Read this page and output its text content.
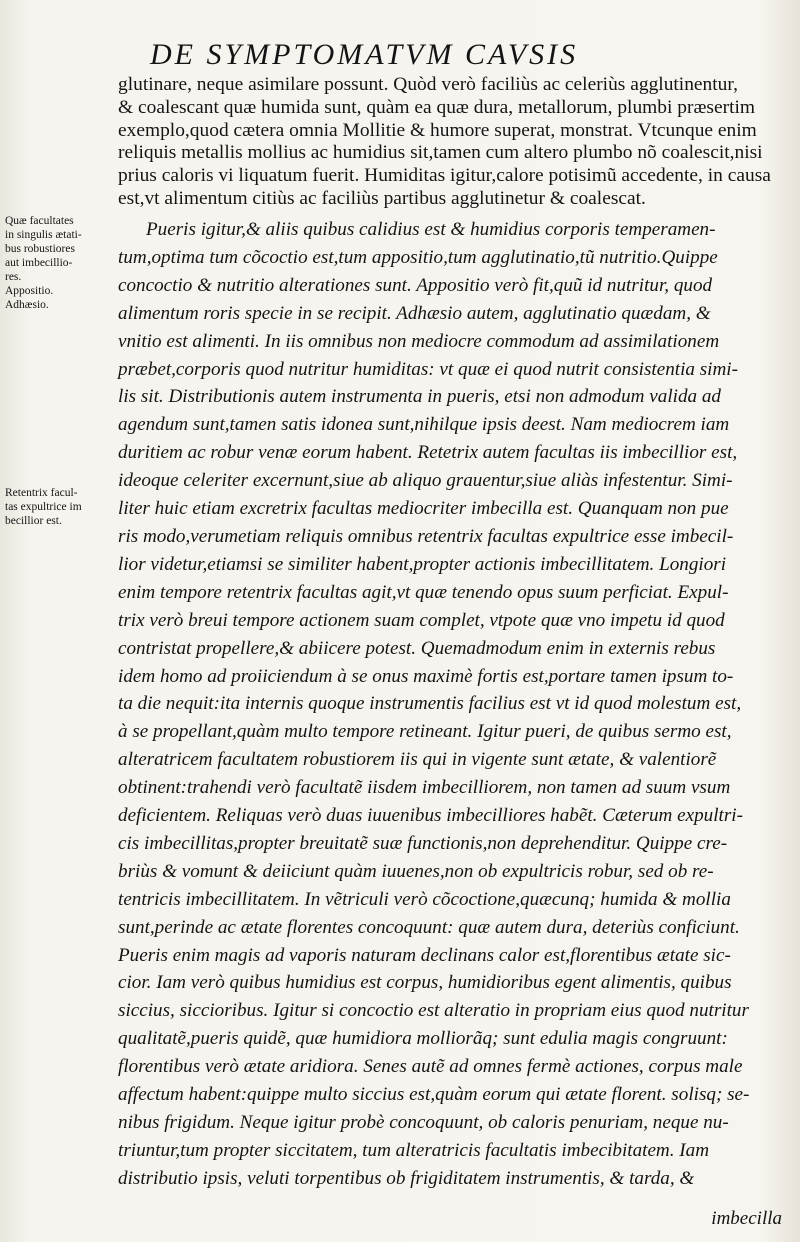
DE SYMPTOMATVM CAVSIS
glutinare, neque asimilare possunt. Quòd verò faciliùs ac celeriùs agglutinentur,
& coalescant quæ humida sunt, quàm ea quæ dura, metallorum, plumbi præsertim
exemplo,quod cætera omnia Mollitie & humore superat, monstrat. Vtcunque enim
reliquis metallis mollius ac humidius sit,tamen cum altero plumbo nõ coalescit,nisi
prius caloris vi liquatum fuerit. Humiditas igitur,calore potisimũ accedente, in causa
est,vt alimentum citiùs ac faciliùs partibus agglutinetur & coalescat.
Quæ facultates
in singulis ætati-
bus robustiores
aut imbecillio-
res.
Appositio.
Adhæsio.
Retentrix facul-
tas expultrice im
becillior est.
Pueris igitur,& aliis quibus calidius est & humidius corporis temperamen-
tum,optima tum cõcoctio est,tum appositio,tum agglutinatio,tũ nutritio.Quippe
concoctio & nutritio alterationes sunt. Appositio verò fit,quũ id nutritur, quod
alimentum roris specie in se recipit. Adhæsio autem, agglutinatio quædam, &
vnitio est alimenti. In iis omnibus non mediocre commodum ad assimilationem
præbet,corporis quod nutritur humiditas: vt quæ ei quod nutrit consistentia simi-
lis sit. Distributionis autem instrumenta in pueris, etsi non admodum valida ad
agendum sunt,tamen satis idonea sunt,nihilque ipsis deest. Nam mediocrem iam
duritiem ac robur venæ eorum habent. Retetrix autem facultas iis imbecillior est,
ideoque celeriter excernunt,siue ab aliquo grauentur,siue aliàs infestentur. Simi-
liter huic etiam excretrix facultas mediocriter imbecilla est. Quanquam non pue
ris modo,verumetiam reliquis omnibus retentrix facultas expultrice esse imbecil-
lior videtur,etiamsi se similiter habent,propter actionis imbecillitatem. Longiori
enim tempore retentrix facultas agit,vt quæ tenendo opus suum perficiat. Expul-
trix verò breui tempore actionem suam complet, vtpote quæ vno impetu id quod
contristat propellere,& abiicere potest. Quemadmodum enim in externis rebus
idem homo ad proiiciendum à se onus maximè fortis est,portare tamen ipsum to-
ta die nequit:ita internis quoque instrumentis facilius est vt id quod molestum est,
à se propellant,quàm multo tempore retineant. Igitur pueri, de quibus sermo est,
alteratricem facultatem robustiorem iis qui in vigente sunt ætate, & valentiorẽ
obtinent:trahendi verò facultatẽ iisdem imbecilliorem, non tamen ad suum vsum
deficientem. Reliquas verò duas iuuenibus imbecilliores habẽt. Cæterum expultri-
cis imbecillitas,propter breuitatẽ suæ functionis,non deprehenditur. Quippe cre-
briùs & vomunt & deiiciunt quàm iuuenes,non ob expultricis robur, sed ob re-
tentricis imbecillitatem. In vẽtriculi verò cõcoctione,quæcunq; humida & mollia
sunt,perinde ac ætate florentes concoquunt: quæ autem dura, deteriùs conficiunt.
Pueris enim magis ad vaporis naturam declinans calor est,florentibus ætate sic-
cior. Iam verò quibus humidius est corpus, humidioribus egent alimentis, quibus
siccius, siccioribus. Igitur si concoctio est alteratio in propriam eius quod nutritur
qualitatẽ,pueris quidẽ, quæ humidiora molliorãq; sunt edulia magis congruunt:
florentibus verò ætate aridiora. Senes autẽ ad omnes fermè actiones, corpus male
affectum habent:quippe multo siccius est,quàm eorum qui ætate florent. solisq; se-
nibus frigidum. Neque igitur probè concoquunt, ob caloris penuriam, neque nu-
triuntur,tum propter siccitatem, tum alteratricis facultatis imbecibitatem. Iam
distributio ipsis, veluti torpentibus ob frigiditatem instrumentis, & tarda, &
imbecilla
